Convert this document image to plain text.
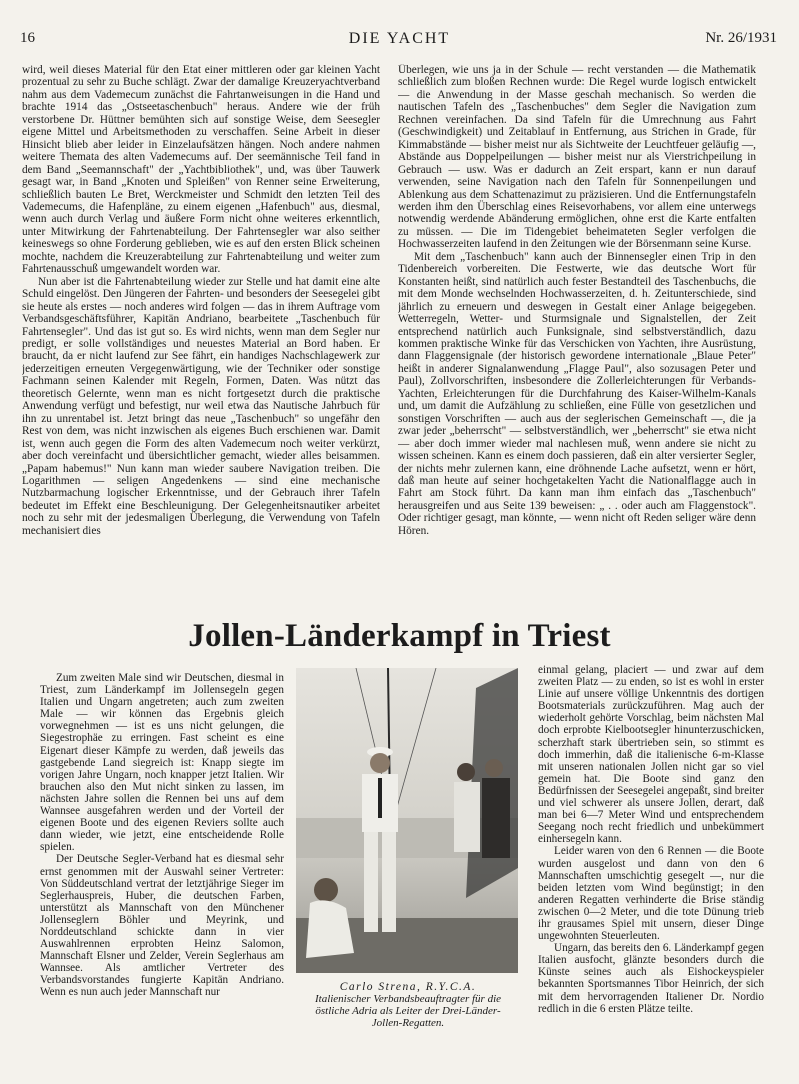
16	DIE YACHT	Nr. 26/1931

wird, weil dieses Material für den Etat einer mittleren oder gar kleinen Yacht prozentual zu sehr zu Buche schlägt. Zwar der damalige Kreuzeryachtverband nahm aus dem Vademecum zunächst die Fahrtanweisungen in die Hand und brachte 1914 das „Ostseetaschenbuch" heraus. Andere wie der früh verstorbene Dr. Hüttner bemühten sich auf sonstige Weise, dem Seesegler eigene Mittel und Arbeitsmethoden zu verschaffen. Seine Arbeit in dieser Hinsicht blieb aber leider in Einzelaufsätzen hängen. Noch andere nahmen weitere Themata des alten Vademecums auf. Der seemännische Teil fand in dem Band „Seemannschaft" der „Yachtbibliothek", und, was über Tauwerk gesagt war, in Band „Knoten und Spleißen" von Renner seine Erweiterung, schließlich bauten Le Bret, Werckmeister und Schmidt den letzten Teil des Vademecums, die Hafenpläne, zu einem eigenen „Hafenbuch" aus, diesmal, wenn auch durch Verlag und äußere Form nicht ohne weiteres erkenntlich, unter Mitwirkung der Fahrtenabteilung. Der Fahrtensegler war also seither keineswegs so ohne Forderung geblieben, wie es auf den ersten Blick scheinen mochte, nachdem die Kreuzerabteilung zur Fahrtenabteilung und weiter zum Fahrtenausschuß umgewandelt worden war.

Nun aber ist die Fahrtenabteilung wieder zur Stelle und hat damit eine alte Schuld eingelöst. Den Jüngeren der Fahrten- und besonders der Seesegelei gibt sie heute als erstes — noch anderes wird folgen — das in ihrem Auftrage vom Verbandsgeschäftsführer, Kapitän Andriano, bearbeitete „Taschenbuch für Fahrtensegler". Und das ist gut so. Es wird nichts, wenn man dem Segler nur predigt, er solle vollständiges und neuestes Material an Bord haben. Er braucht, da er nicht laufend zur See fährt, ein handiges Nachschlagewerk zur jederzeitigen erneuten Vergegenwärtigung, wie der Techniker oder sonstige Fachmann seinen Kalender mit Regeln, Formen, Daten. Was nützt das theoretisch Gelernte, wenn man es nicht fortgesetzt durch die praktische Anwendung verfügt und befestigt, nur weil etwa das Nautische Jahrbuch für ihn zu unrentabel ist. Jetzt bringt das neue „Taschenbuch" so ungefähr den Rest von dem, was nicht inzwischen als eigenes Buch erschienen war. Damit ist, wenn auch gegen die Form des alten Vademecum noch weiter verkürzt, aber doch vereinfacht und übersichtlicher gemacht, wieder alles beisammen. „Papam habemus!" Nun kann man wieder saubere Navigation treiben. Die Logarithmen — seligen Angedenkens — sind eine mechanische Nutzbarmachung logischer Erkenntnisse, und der Gebrauch ihrer Tafeln bedeutet im Effekt eine Beschleunigung. Der Gelegenheitsnautiker arbeitet noch zu sehr mit der jedesmaligen Überlegung, die Verwendung von Tafeln mechanisiert dies

Überlegen, wie uns ja in der Schule — recht verstanden — die Mathematik schließlich zum bloßen Rechnen wurde: Die Regel wurde logisch entwickelt — die Anwendung in der Masse geschah mechanisch. So werden die nautischen Tafeln des „Taschenbuches" dem Segler die Navigation zum Rechnen vereinfachen. Da sind Tafeln für die Umrechnung aus Fahrt (Geschwindigkeit) und Zeitablauf in Entfernung, aus Strichen in Grade, für Kimmabstände — bisher meist nur als Sichtweite der Leuchtfeuer geläufig —, Abstände aus Doppelpeilungen — bisher meist nur als Vierstrichpeilung in Gebrauch — usw. Was er dadurch an Zeit erspart, kann er nun darauf verwenden, seine Navigation nach den Tafeln für Sonnenpeilungen und Ablenkung aus dem Schattenazimut zu präzisieren. Und die Entfernungstafeln werden ihm den Überschlag eines Reisevorhabens, vor allem eine unterwegs notwendig werdende Abänderung ermöglichen, ohne erst die Karte entfalten zu müssen. — Die im Tidengebiet beheimateten Segler verfolgen die Hochwasserzeiten laufend in den Zeitungen wie der Börsenmann seine Kurse.

Mit dem „Taschenbuch" kann auch der Binnensegler einen Trip in den Tidenbereich vorbereiten. Die Festwerte, wie das deutsche Wort für Konstanten heißt, sind natürlich auch fester Bestandteil des Taschenbuchs, die mit dem Monde wechselnden Hochwasserzeiten, d. h. Zeitunterschiede, sind jährlich zu erneuern und deswegen in Gestalt einer Anlage beigegeben. Wetterregeln, Wetter- und Sturmsignale und Signalstellen, der Zeit entsprechend natürlich auch Funksignale, sind selbstverständlich, dazu kommen praktische Winke für das Verschicken von Yachten, ihre Ausrüstung, dann Flaggensignale (der historisch gewordene internationale „Blaue Peter" heißt in anderer Signalanwendung „Flagge Paul", also sozusagen Peter und Paul), Zollvorschriften, insbesondere die Zollerleichterungen für Verbands-Yachten, Erleichterungen für die Durchfahrung des Kaiser-Wilhelm-Kanals und, um damit die Aufzählung zu schließen, eine Fülle von gesetzlichen und sonstigen Vorschriften — auch aus der seglerischen Gemeinschaft —, die ja zwar jeder „beherrscht" — selbstverständlich, wer „beherrscht" sie etwa nicht — aber doch immer wieder mal nachlesen muß, wenn andere sie nicht zu wissen scheinen. Kann es einem doch passieren, daß ein alter versierter Segler, der nichts mehr zulernen kann, eine dröhnende Lache aufsetzt, wenn er hört, daß man heute auf seiner hochgetakelten Yacht die Nationalflagge auch in Fahrt am Stock führt. Da kann man ihm einfach das „Taschenbuch" herausgreifen und aus Seite 139 beweisen: „ . . oder auch am Flaggenstock". Oder richtiger gesagt, man könnte, — wenn nicht oft Reden seliger wäre denn Hören.

Jollen-Länderkampf in Triest

Zum zweiten Male sind wir Deutschen, diesmal in Triest, zum Länderkampf im Jollensegeln gegen Italien und Ungarn angetreten; auch zum zweiten Male — wir können das Ergebnis gleich vorwegnehmen — ist es uns nicht gelungen, die Siegestrophäe zu erringen. Fast scheint es eine Eigenart dieser Kämpfe zu werden, daß jeweils das gastgebende Land siegreich ist: Knapp siegte im vorigen Jahre Ungarn, noch knapper jetzt Italien. Wir brauchen also den Mut nicht sinken zu lassen, im nächsten Jahre sollen die Rennen bei uns auf dem Wannsee ausgefahren werden und der Vorteil der eigenen Boote und des eigenen Reviers sollte auch dann wieder, wie jetzt, eine entscheidende Rolle spielen.

Der Deutsche Segler-Verband hat es diesmal sehr ernst genommen mit der Auswahl seiner Vertreter: Von Süddeutschland vertrat der letztjährige Sieger im Seglerhauspreis, Huber, die deutschen Farben, unterstützt als Mannschaft von den Münchener Jollenseglern Böhler und Meyrink, und Norddeutschland schickte dann in vier Auswahlrennen erprobten Heinz Salomon, Mannschaft Elsner und Zelder, Verein Seglerhaus am Wannsee. Als amtlicher Vertreter des Verbandsvorstandes fungierte Kapitän Andriano. Wenn es nun auch jeder Mannschaft nur	Carlo Strena, R.Y.C.A.
Italienischer Verbandsbeauftragter für die
östliche Adria als Leiter der Drei-Länder-
Jollen-Regatten.

einmal gelang, placiert — und zwar auf dem zweiten Platz — zu enden, so ist es wohl in erster Linie auf unsere völlige Unkenntnis des dortigen Bootsmaterials zurückzuführen. Mag auch der wiederholt gehörte Vorschlag, beim nächsten Mal doch erprobte Kielbootsegler hinunterzuschicken, scherzhaft stark übertrieben sein, so stimmt es doch immerhin, daß die italienische 6-m-Klasse mit unseren nationalen Jollen nicht gar so viel gemein hat. Die Boote sind ganz den Bedürfnissen der Seesegelei angepaßt, sind breiter und viel schwerer als unsere Jollen, derart, daß man bei 6—7 Meter Wind und entsprechendem Seegang noch recht friedlich und unbekümmert einhersegeln kann.

Leider waren von den 6 Rennen — die Boote wurden ausgelost und dann von den 6 Mannschaften umschichtig gesegelt —, nur die beiden letzten vom Wind begünstigt; in den anderen Regatten verhinderte die Brise ständig zwischen 0—2 Meter, und die tote Dünung trieb ihr grausames Spiel mit unsern, dieser Dinge ungewohnten Steuerleuten.

Ungarn, das bereits den 6. Länderkampf gegen Italien ausfocht, glänzte besonders durch die Künste seines auch als Eishockeyspieler bekannten Sportsmannes Tibor Heinrich, der sich mit dem hervorragenden Italiener Dr. Nordio redlich in die 6 ersten Plätze teilte.
